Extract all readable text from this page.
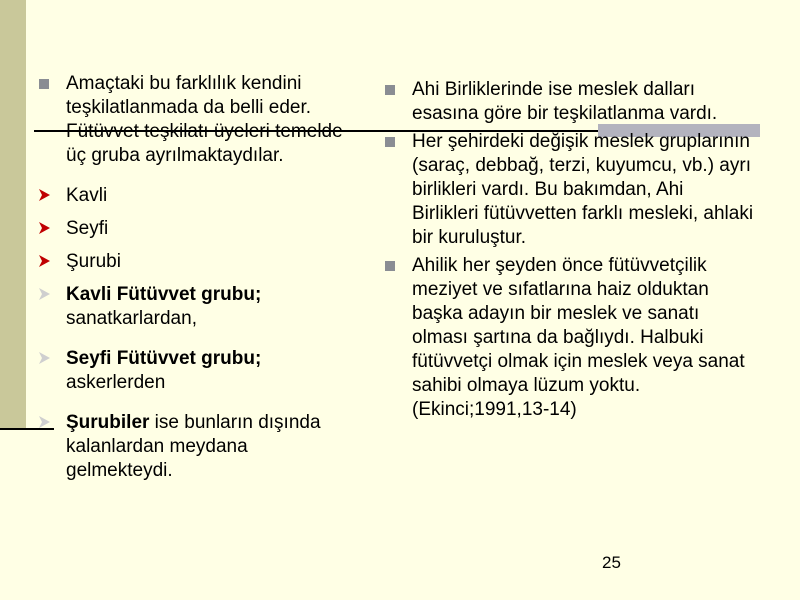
Amaçtaki bu farklılık kendini teşkilatlanmada da belli eder. Fütüvvet teşkilatı üyeleri temelde üç gruba ayrılmaktaydılar.
Kavli
Seyfi
Şurubi
Kavli Fütüvvet grubu; sanatkarlardan,
Seyfi Fütüvvet grubu; askerlerden
Şurubiler ise bunların dışında kalanlardan meydana gelmekteydi.
Ahi Birliklerinde ise meslek dalları esasına göre bir teşkilatlanma vardı.
Her şehirdeki değişik meslek gruplarının (saraç, debbağ, terzi, kuyumcu, vb.) ayrı birlikleri vardı. Bu bakımdan, Ahi Birlikleri fütüvvetten farklı mesleki, ahlaki bir kuruluştur.
Ahilik her şeyden önce fütüvvetçilik meziyet ve sıfatlarına haiz olduktan başka adayın bir meslek ve sanatı olması şartına da bağlıydı. Halbuki fütüvvetçi olmak için meslek veya sanat sahibi olmaya lüzum yoktu.(Ekinci;1991,13-14)
25
